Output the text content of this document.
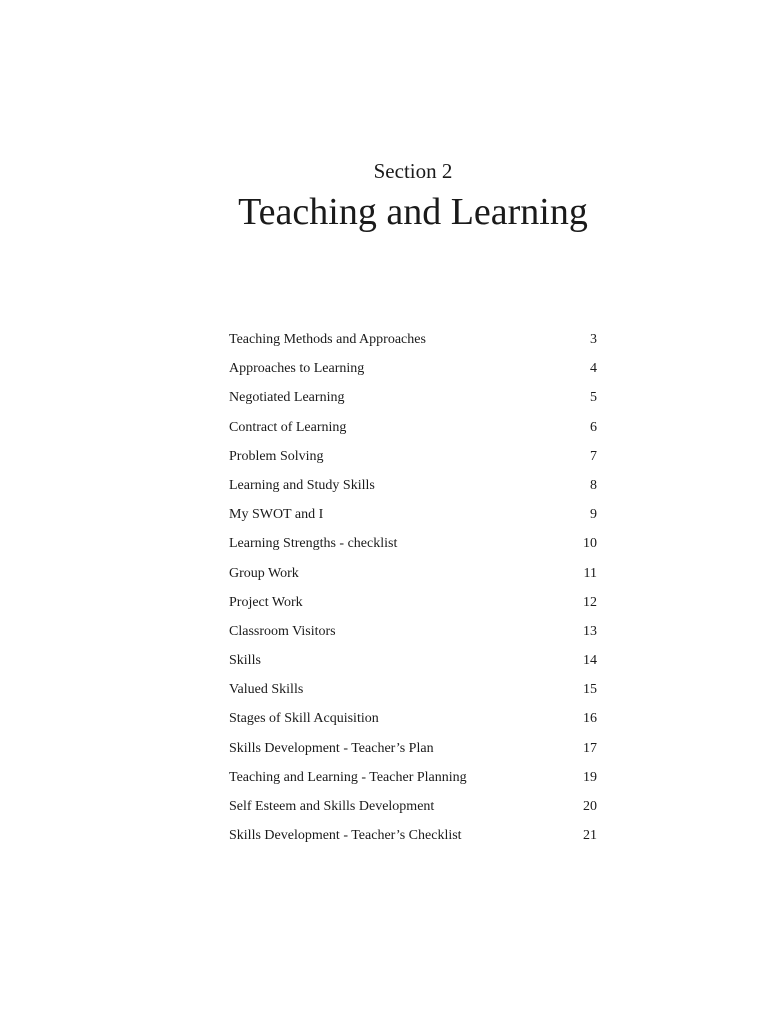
Section 2
Teaching and Learning
Teaching Methods and Approaches	3
Approaches to Learning	4
Negotiated Learning	5
Contract of Learning	6
Problem Solving	7
Learning and Study Skills	8
My SWOT and I	9
Learning Strengths - checklist	10
Group Work	11
Project Work	12
Classroom Visitors	13
Skills	14
Valued Skills	15
Stages of Skill Acquisition	16
Skills Development - Teacher’s Plan	17
Teaching and Learning - Teacher Planning	19
Self Esteem and Skills Development	20
Skills Development - Teacher’s Checklist	21
